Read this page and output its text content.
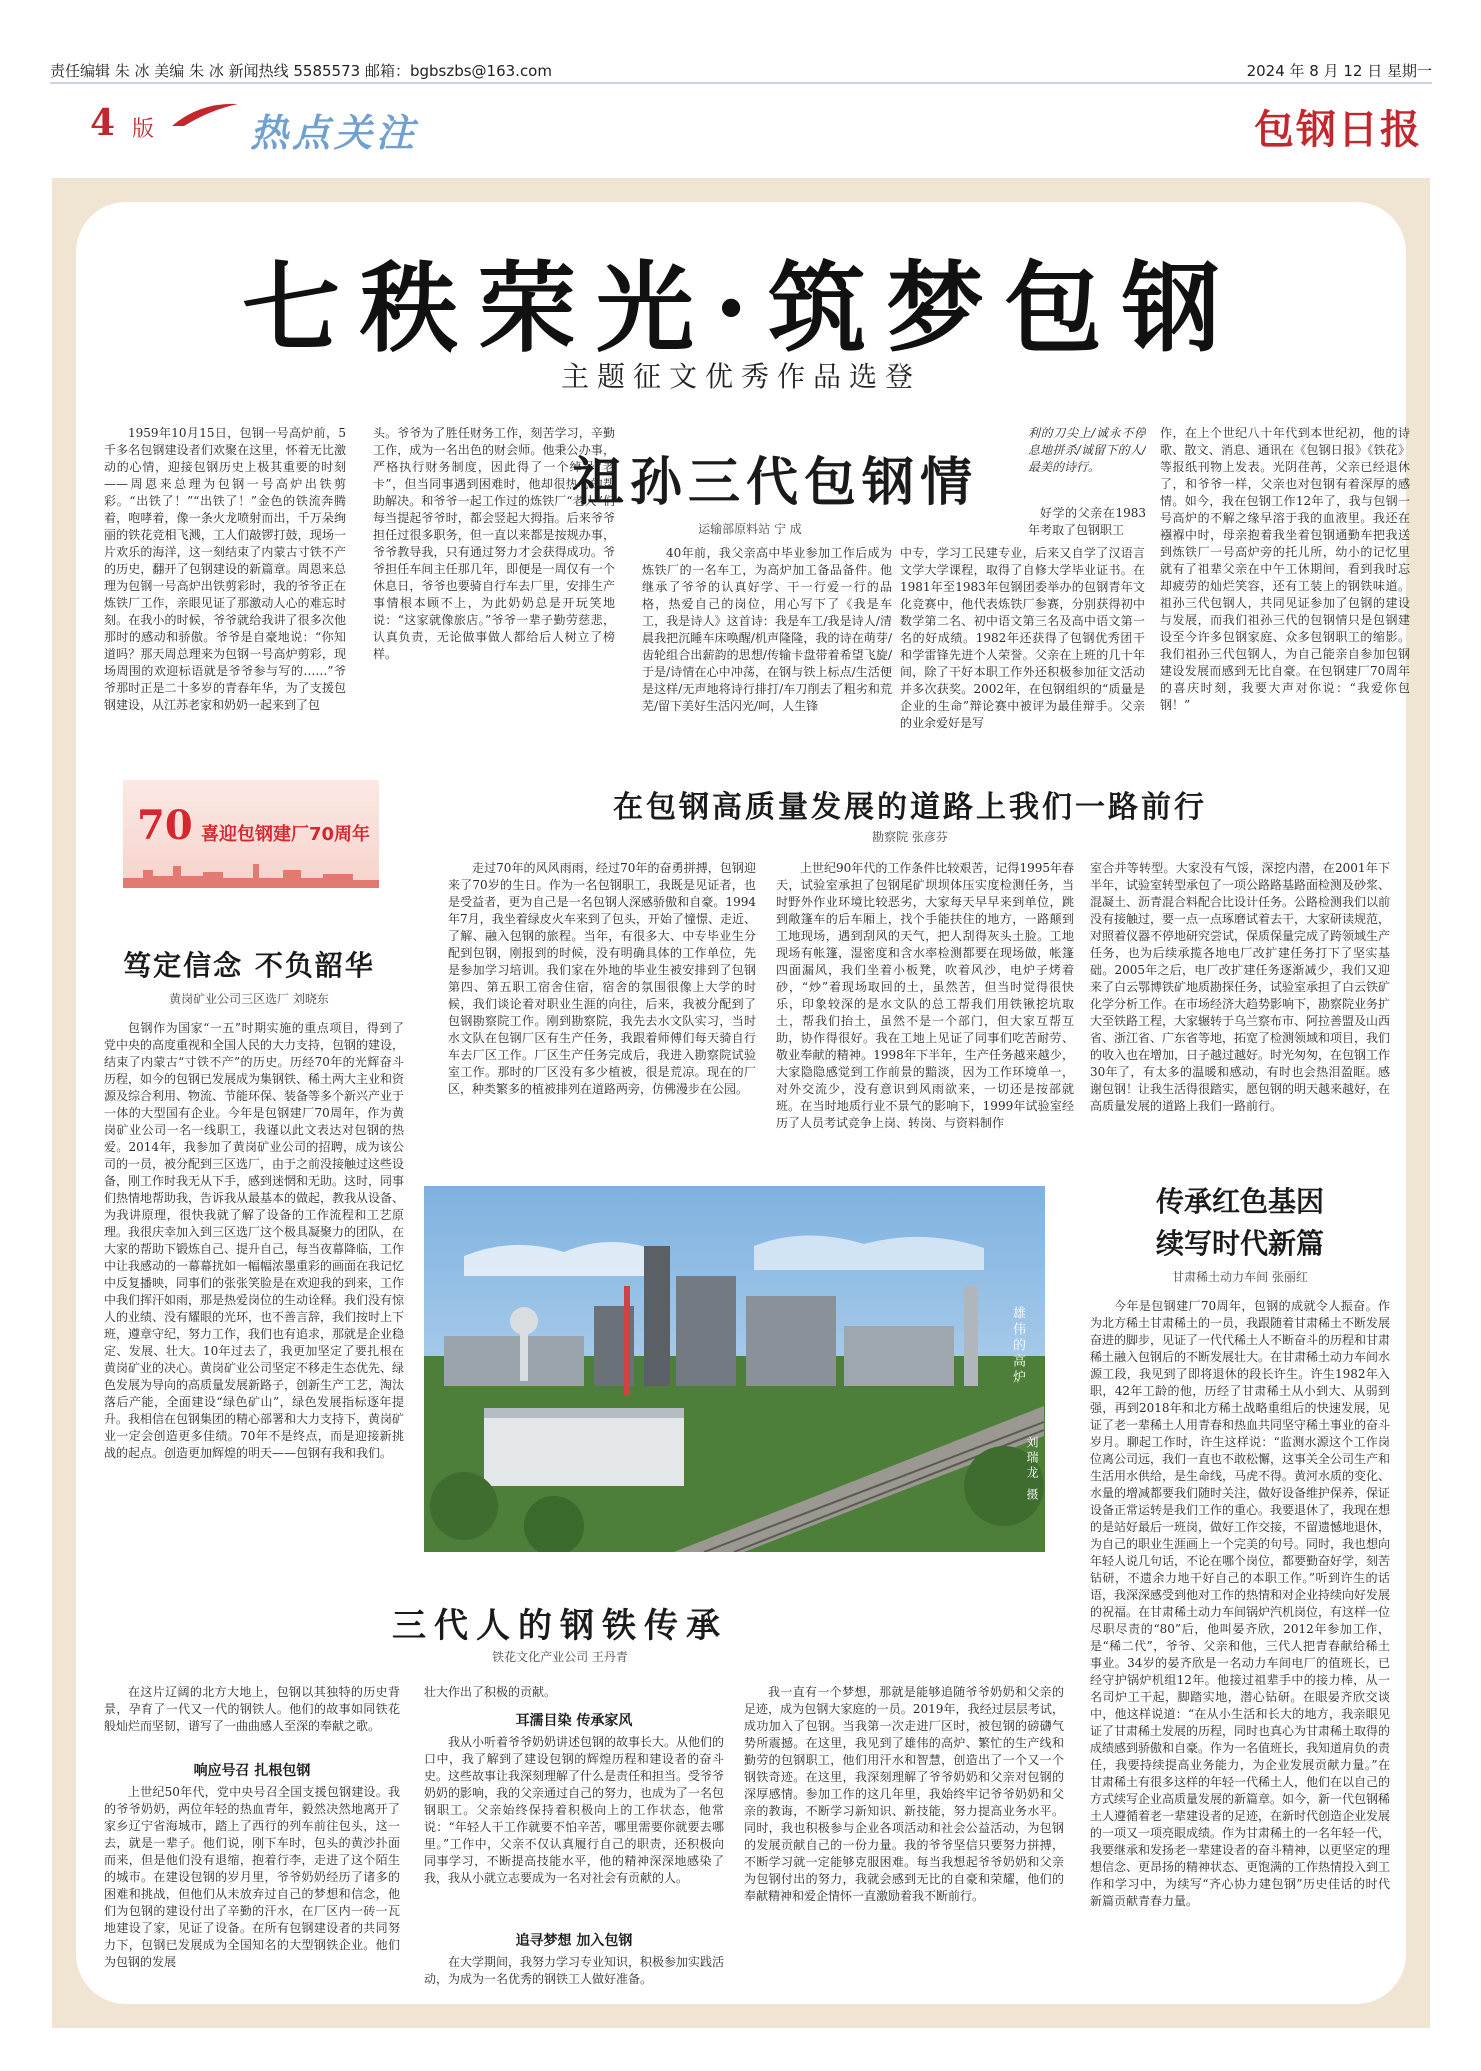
责任编辑 朱 冰 美编 朱 冰 新闻热线 5585573 邮箱：bgbszbs@163.com	2024 年 8 月 12 日 星期一
4 版	热点关注	包钢日报
七秩荣光·筑梦包钢
主题征文优秀作品选登
1959年10月15日，包钢一号高炉前，5千多名包钢建设者们欢聚在这里，怀着无比激动的心情，迎接包钢历史上极其重要的时刻——周恩来总理为包钢一号高炉出铁剪彩。“出铁了！”“出铁了！”金色的铁流奔腾着，咆哮着，像一条火龙喷射而出，千万朵绚丽的铁花竞相飞溅，工人们敲锣打鼓，现场一片欢乐的海洋，这一刻结束了内蒙古寸铁不产的历史，翻开了包钢建设的新篇章。周恩来总理为包钢一号高炉出铁剪彩时，我的爷爷正在炼铁厂工作，亲眼见证了那激动人心的难忘时刻。在我小的时候，爷爷就给我讲了很多次他那时的感动和骄傲。爷爷是自豪地说：“你知道吗？那天周总理来为包钢一号高炉剪彩，现场周围的欢迎标语就是爷爷参与写的……”爷爷那时正是二十多岁的青春年华，为了支援包钢建设，从江苏老家和奶奶一起来到了包
头。爷爷为了胜任财务工作，刻苦学习，辛勤工作，成为一名出色的财会师。他秉公办事，严格执行财务制度，因此得了一个绰号“老卡”，但当同事遇到困难时，他却很热心的帮助解决。和爷爷一起工作过的炼铁厂“老人”们每当提起爷爷时，都会竖起大拇指。后来爷爷担任过很多职务，但一直以来都是按规办事，爷爷教导我，只有通过努力才会获得成功。爷爷担任车间主任那几年，即便是一周仅有一个休息日，爷爷也要骑自行车去厂里，安排生产事情根本顾不上，为此奶奶总是开玩笑地说：“这家就像旅店。”爷爷一辈子勤劳慈悲，认真负责，无论做事做人都给后人树立了榜样。
祖孙三代包钢情
运输部原料站 宁 成
40年前，我父亲高中毕业参加工作后成为炼铁厂的一名车工，为高炉加工备品备件。他继承了爷爷的认真好学、干一行爱一行的品格，热爱自己的岗位，用心写下了《我是车工，我是诗人》这首诗：我是车工/我是诗人/清晨我把沉睡车床唤醒/机声隆隆，我的诗在萌芽/齿轮组合出薪韵的思想/传输卡盘带着希望飞旋/于是/诗情在心中冲荡，在钢与铁上标点/生活便是这样/无声地将诗行排打/车刀削去了粗劣和荒芜/留下美好生活闪光/呵，人生锋
中专，学习工民建专业，后来又自学了汉语言文学大学课程，取得了自修大学毕业证书。在1981年至1983年包钢团委举办的包钢青年文化竞赛中，他代表炼铁厂参赛，分别获得初中数学第二名、初中语文第三名及高中语文第一名的好成绩。1982年还获得了包钢优秀团干和学雷锋先进个人荣誉。父亲在上班的几十年间，除了干好本职工作外还积极参加征文活动并多次获奖。2002年，在包钢组织的“质量是企业的生命”辩论赛中被评为最佳辩手。父亲的业余爱好是写
利的刀尖上/诚永不停息地拼杀/诚留下的人/最美的诗行。
好学的父亲在1983年考取了包钢职工
作，在上个世纪八十年代到本世纪初，他的诗歌、散文、消息、通讯在《包钢日报》《铁花》等报纸刊物上发表。光阴荏苒，父亲已经退休了，和爷爷一样，父亲也对包钢有着深厚的感情。如今，我在包钢工作12年了，我与包钢一号高炉的不解之缘早溶于我的血液里。我还在襁褓中时，母亲抱着我坐着包钢通勤车把我送到炼铁厂一号高炉旁的托儿所，幼小的记忆里就有了祖辈父亲在中午工休期间，看到我时忘却疲劳的灿烂笑容，还有工装上的钢铁味道。祖孙三代包钢人，共同见证参加了包钢的建设与发展，而我们祖孙三代的包钢情只是包钢建设至今许多包钢家庭、众多包钢职工的缩影。我们祖孙三代包钢人，为自己能亲自参加包钢建设发展而感到无比自豪。在包钢建厂70周年的喜庆时刻，我要大声对你说：“我爱你包钢！”
70 喜迎包钢建厂70周年
在包钢高质量发展的道路上我们一路前行
勘察院 张彦芬
走过70年的风风雨雨，经过70年的奋勇拼搏，包钢迎来了70岁的生日。作为一名包钢职工，我既是见证者，也是受益者，更为自己是一名包钢人深感骄傲和自豪。1994年7月，我坐着绿皮火车来到了包头，开始了憧憬、走近、了解、融入包钢的旅程。当年，有很多大、中专毕业生分配到包钢，刚报到的时候，没有明确具体的工作单位，先是参加学习培训。我们家在外地的毕业生被安排到了包钢第四、第五职工宿舍住宿，宿舍的氛围很像上大学的时候，我们谈论着对职业生涯的向往，后来，我被分配到了包钢勘察院工作。刚到勘察院，我先去水文队实习，当时水文队在包钢厂区有生产任务，我跟着师傅们每天骑自行车去厂区工作。厂区生产任务完成后，我进入勘察院试验室工作。那时的厂区没有多少植被，很是荒凉。现在的厂区，种类繁多的植被排列在道路两旁，仿佛漫步在公园。
上世纪90年代的工作条件比较艰苦，记得1995年春天，试验室承担了包钢尾矿坝坝体压实度检测任务，当时野外作业环境比较恶劣，大家每天早早来到单位，跳到敞篷车的后车厢上，找个手能扶住的地方，一路颠到工地现场，遇到刮风的天气，把人刮得灰头土脸。工地现场有帐篷，湿密度和含水率检测都要在现场做，帐篷四面漏风，我们坐着小板凳，吹着风沙，电炉子烤着砂，“炒”着现场取回的土，虽然苦，但当时觉得很快乐，印象较深的是水文队的总工帮我们用铁锹挖坑取土，帮我们抬土，虽然不是一个部门，但大家互帮互助，协作得很好。我在工地上见证了同事们吃苦耐劳、敬业奉献的精神。1998年下半年，生产任务越来越少，大家隐隐感觉到工作前景的黯淡，因为工作环境单一，对外交流少，没有意识到风雨欲来，一切还是按部就班。在当时地质行业不景气的影响下，1999年试验室经历了人员考试竞争上岗、转岗、与资料制作
室合并等转型。大家没有气馁，深挖内潜，在2001年下半年，试验室转型承包了一项公路路基路面检测及砂浆、混凝土、沥青混合料配合比设计任务。公路检测我们以前没有接触过，要一点一点琢磨试着去干，大家研读规范，对照着仪器不停地研究尝试，保质保量完成了跨领域生产任务，也为后续承揽各地电厂改扩建任务打下了坚实基础。2005年之后，电厂改扩建任务逐渐减少，我们又迎来了白云鄂博铁矿地质勘探任务，试验室承担了白云铁矿化学分析工作。在市场经济大趋势影响下，勘察院业务扩大至铁路工程，大家辗转于乌兰察布市、阿拉善盟及山西省、浙江省、广东省等地，拓宽了检测领域和项目，我们的收入也在增加，日子越过越好。时光匆匆，在包钢工作30年了，有太多的温暖和感动，有时也会热泪盈眶。感谢包钢！让我生活得很踏实，愿包钢的明天越来越好，在高质量发展的道路上我们一路前行。
笃定信念 不负韶华
黄岗矿业公司三区选厂 刘晓东
包钢作为国家“一五”时期实施的重点项目，得到了党中央的高度重视和全国人民的大力支持，包钢的建设，结束了内蒙古“寸铁不产”的历史。历经70年的光辉奋斗历程，如今的包钢已发展成为集钢铁、稀土两大主业和资源及综合利用、物流、节能环保、装备等多个新兴产业于一体的大型国有企业。今年是包钢建厂70周年，作为黄岗矿业公司一名一线职工，我谨以此文表达对包钢的热爱。2014年，我参加了黄岗矿业公司的招聘，成为该公司的一员，被分配到三区选厂，由于之前没接触过这些设备，刚工作时我无从下手，感到迷惘和无助。这时，同事们热情地帮助我，告诉我从最基本的做起，教我从设备、为我讲原理，很快我就了解了设备的工作流程和工艺原理。我很庆幸加入到三区选厂这个极具凝聚力的团队，在大家的帮助下锻炼自己、提升自己，每当夜幕降临，工作中让我感动的一幕幕扰如一幅幅浓墨重彩的画面在我记忆中反复播映，同事们的张张笑脸是在欢迎我的到来，工作中我们挥汗如雨，那是热爱岗位的生动诠释。我们没有惊人的业绩、没有耀眼的光环，也不善言辞，我们按时上下班，遵章守纪，努力工作，我们也有追求，那就是企业稳定、发展、壮大。10年过去了，我更加坚定了要扎根在黄岗矿业的决心。黄岗矿业公司坚定不移走生态优先、绿色发展为导向的高质量发展新路子，创新生产工艺，淘汰落后产能，全面建设“绿色矿山”，绿色发展指标逐年提升。我相信在包钢集团的精心部署和大力支持下，黄岗矿业一定会创造更多佳绩。70年不是终点，而是迎接新挑战的起点。创造更加辉煌的明天——包钢有我和我们。
雄伟的高炉
刘瑞龙 摄
传承红色基因
续写时代新篇
甘肃稀土动力车间 张丽红
今年是包钢建厂70周年，包钢的成就令人振奋。作为北方稀土甘肃稀土的一员，我跟随着甘肃稀土不断发展奋进的脚步，见证了一代代稀土人不断奋斗的历程和甘肃稀土融入包钢后的不断发展壮大。在甘肃稀土动力车间水源工段，我见到了即将退休的段长许生。许生1982年入职，42年工龄的他，历经了甘肃稀土从小到大、从弱到强，再到2018年和北方稀土战略重组后的快速发展，见证了老一辈稀土人用青春和热血共同坚守稀土事业的奋斗岁月。聊起工作时，许生这样说：“监测水源这个工作岗位离公司远，我们一直也不敢松懈，这事关全公司生产和生活用水供给，是生命线，马虎不得。黄河水质的变化、水量的增减都要我们随时关注，做好设备维护保养，保证设备正常运转是我们工作的重心。我要退休了，我现在想的是站好最后一班岗，做好工作交接，不留遗憾地退休，为自己的职业生涯画上一个完美的句号。同时，我也想向年轻人说几句话，不论在哪个岗位，都要勤奋好学，刻苦钻研，不遗余力地干好自己的本职工作。”听到许生的话语，我深深感受到他对工作的热情和对企业持续向好发展的祝福。在甘肃稀土动力车间锅炉汽机岗位，有这样一位尽职尽责的“80”后，他叫晏齐欣，2012年参加工作，是“稀二代”，爷爷、父亲和他，三代人把青春献给稀土事业。34岁的晏齐欣是一名动力车间电厂的值班长，已经守护锅炉机组12年。他接过祖辈手中的接力棒，从一名司炉工干起，脚踏实地，潜心钻研。在眼晏齐欣交谈中，他这样说道：“在从小生活和长大的地方，我亲眼见证了甘肃稀土发展的历程，同时也真心为甘肃稀土取得的成绩感到骄傲和自豪。作为一名值班长，我知道肩负的责任，我要持续提高业务能力，为企业发展贡献力量。”在甘肃稀土有很多这样的年轻一代稀土人，他们在以自己的方式续写企业高质量发展的新篇章。如今，新一代包钢稀土人遵循着老一辈建设者的足迹，在新时代创造企业发展的一项又一项亮眼成绩。作为甘肃稀土的一名年轻一代，我要继承和发扬老一辈建设者的奋斗精神，以更坚定的理想信念、更昂扬的精神状态、更饱满的工作热情投入到工作和学习中，为续写“齐心协力建包钢”历史佳话的时代新篇贡献青春力量。
三代人的钢铁传承
铁花文化产业公司 王丹青
在这片辽阔的北方大地上，包钢以其独特的历史背景，孕育了一代又一代的钢铁人。他们的故事如同铁花般灿烂而坚韧，谱写了一曲曲感人至深的奉献之歌。
响应号召 扎根包钢
上世纪50年代，党中央号召全国支援包钢建设。我的爷爷奶奶，两位年轻的热血青年，毅然决然地离开了家乡辽宁省海城市，踏上了西行的列车前往包头，这一去，就是一辈子。他们说，刚下车时，包头的黄沙扑面而来，但是他们没有退缩，抱着行李，走进了这个陌生的城市。在建设包钢的岁月里，爷爷奶奶经历了诸多的困难和挑战，但他们从未放弃过自己的梦想和信念，他们为包钢的建设付出了辛勤的汗水，在厂区内一砖一瓦地建设了家，见证了设备。在所有包钢建设者的共同努力下，包钢已发展成为全国知名的大型钢铁企业。他们为包钢的发展
壮大作出了积极的贡献。
耳濡目染 传承家风
我从小听着爷爷奶奶讲述包钢的故事长大。从他们的口中，我了解到了建设包钢的辉煌历程和建设者的奋斗史。这些故事让我深刻理解了什么是责任和担当。受爷爷奶奶的影响，我的父亲通过自己的努力，也成为了一名包钢职工。父亲始终保持着积极向上的工作状态，他常说：“年轻人干工作就要不怕辛苦，哪里需要你就要去哪里。”工作中，父亲不仅认真履行自己的职责，还积极向同事学习，不断提高技能水平，他的精神深深地感染了我，我从小就立志要成为一名对社会有贡献的人。
追寻梦想 加入包钢
在大学期间，我努力学习专业知识，积极参加实践活动，为成为一名优秀的钢铁工人做好准备。
我一直有一个梦想，那就是能够追随爷爷奶奶和父亲的足迹，成为包钢大家庭的一员。2019年，我经过层层考试，成功加入了包钢。当我第一次走进厂区时，被包钢的磅礴气势所震撼。在这里，我见到了雄伟的高炉、繁忙的生产线和勤劳的包钢职工，他们用汗水和智慧，创造出了一个又一个钢铁奇迹。在这里，我深刻理解了爷爷奶奶和父亲对包钢的深厚感情。参加工作的这几年里，我始终牢记爷爷奶奶和父亲的教诲，不断学习新知识、新技能，努力提高业务水平。同时，我也积极参与企业各项活动和社会公益活动，为包钢的发展贡献自己的一份力量。我的爷爷坚信只要努力拼搏，不断学习就一定能够克服困难。每当我想起爷爷奶奶和父亲为包钢付出的努力，我就会感到无比的自豪和荣耀，他们的奉献精神和爱企情怀一直激励着我不断前行。
